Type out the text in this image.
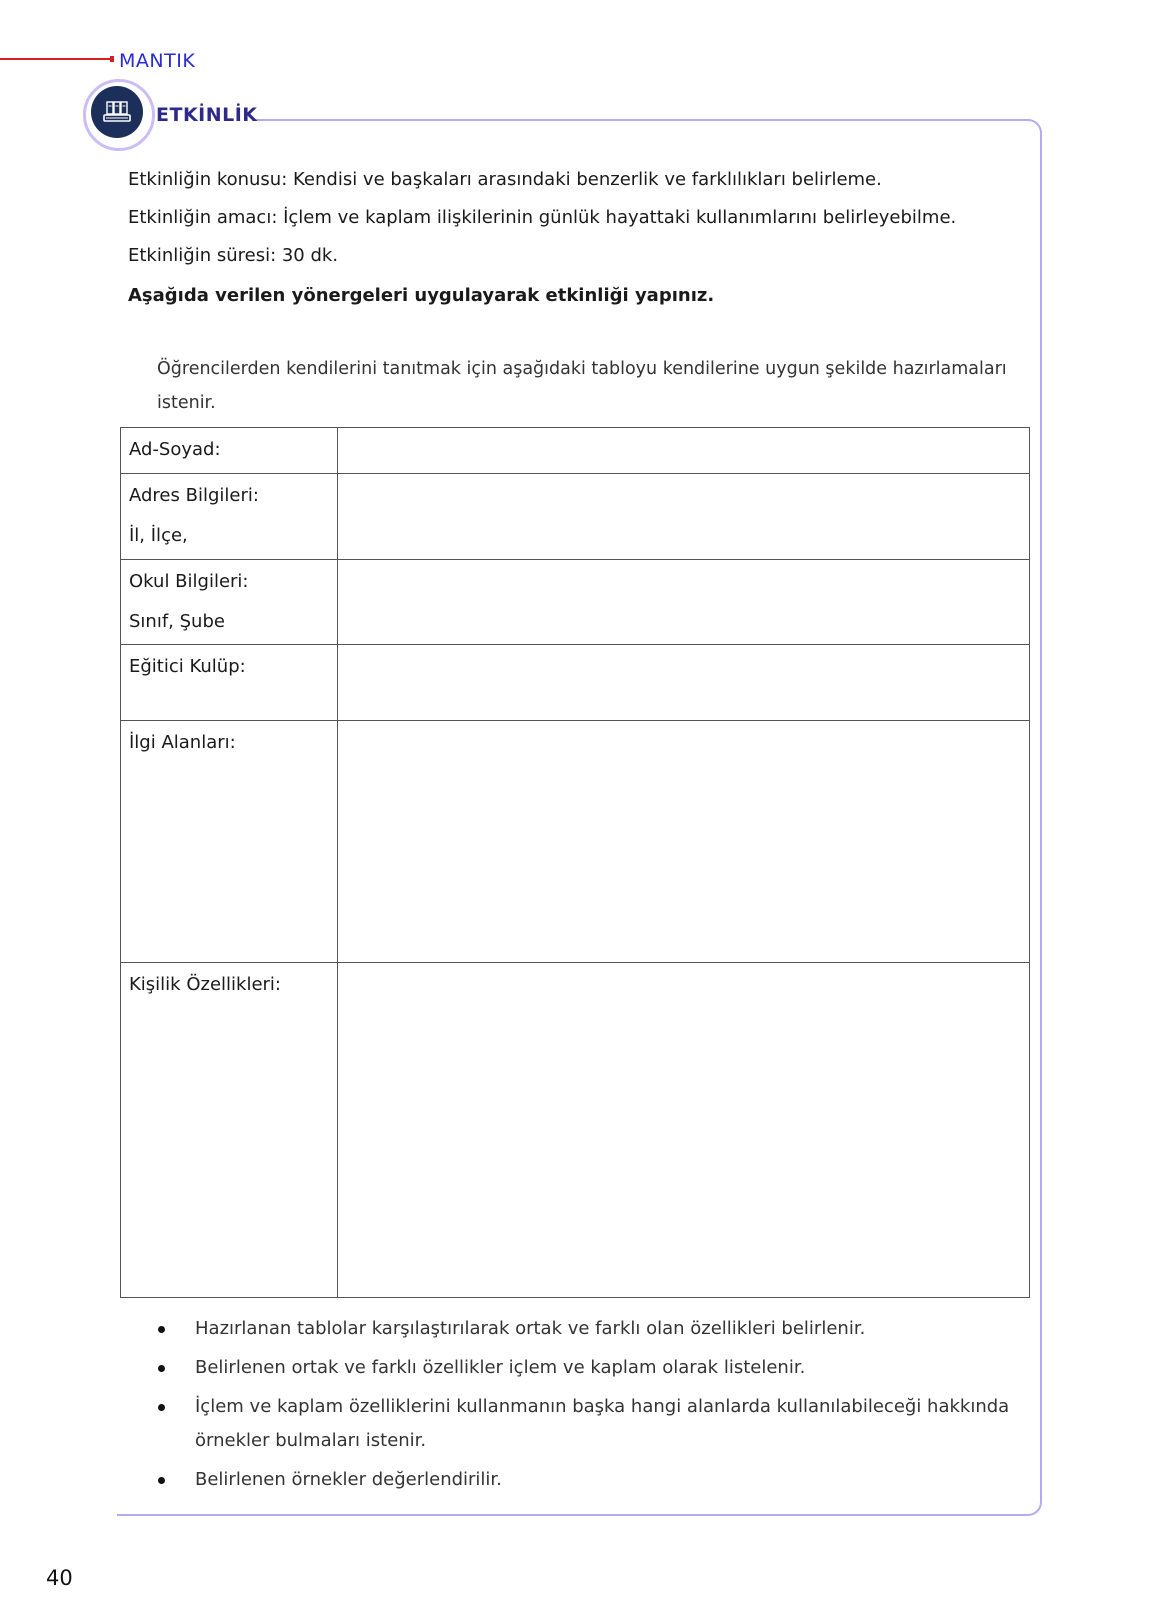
MANTIK
ETKİNLİK
Etkinliğin konusu: Kendisi ve başkaları arasındaki benzerlik ve farklılıkları belirleme.
Etkinliğin amacı: İçlem ve kaplam ilişkilerinin günlük hayattaki kullanımlarını belirleyebilme.
Etkinliğin süresi: 30 dk.
Aşağıda verilen yönergeleri uygulayarak etkinliği yapınız.
Öğrencilerden kendilerini tanıtmak için aşağıdaki tabloyu kendilerine uygun şekilde hazırlamaları istenir.
Ad-Soyad:	

Adres Bilgileri:
İl, İlçe,	

Okul Bilgileri:
Sınıf, Şube	

Eğitici Kulüp:	

İlgi Alanları:	

Kişilik Özellikleri:	

Hazırlanan tablolar karşılaştırılarak ortak ve farklı olan özellikleri belirlenir.
Belirlenen ortak ve farklı özellikler içlem ve kaplam olarak listelenir.
İçlem ve kaplam özelliklerini kullanmanın başka hangi alanlarda kullanılabileceği hakkında örnekler bulmaları istenir.
Belirlenen örnekler değerlendirilir.
40
